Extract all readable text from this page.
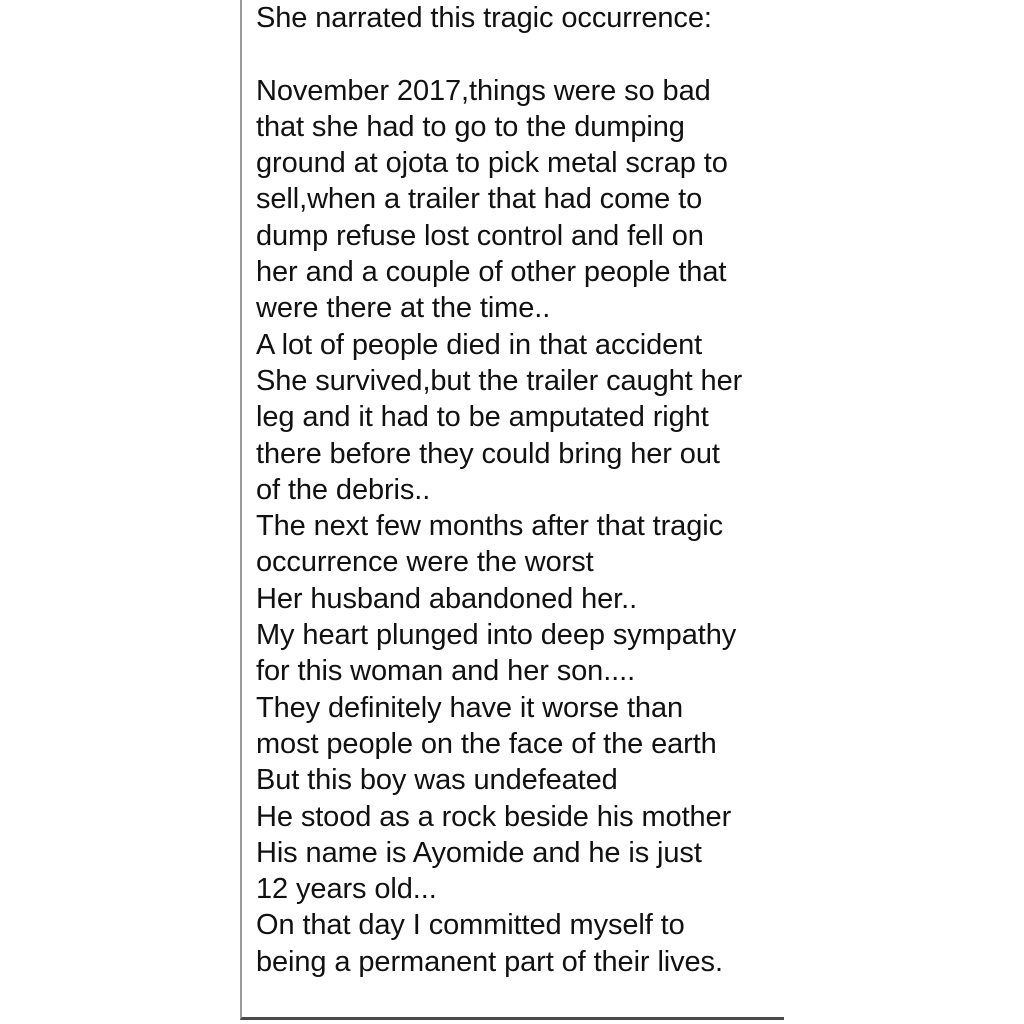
She narrated this tragic occurrence:
November 2017,things were so bad
that she had to go to the dumping
ground at ojota to pick metal scrap to
sell,when a trailer that had come to
dump refuse lost control and fell on
her and a couple of other people that
were there at the time..
A lot of people died in that accident
She survived,but the trailer caught her
leg and it had to be amputated right
there before they could bring her out
of the debris..
The next few months after that tragic
occurrence were the worst
Her husband abandoned her..
My heart plunged into deep sympathy
for this woman and her son....
They definitely have it worse than
most people on the face of the earth
But this boy was undefeated
He stood as a rock beside his mother
His name is Ayomide and he is just
12 years old...
On that day I committed myself to
being a permanent part of their lives.
